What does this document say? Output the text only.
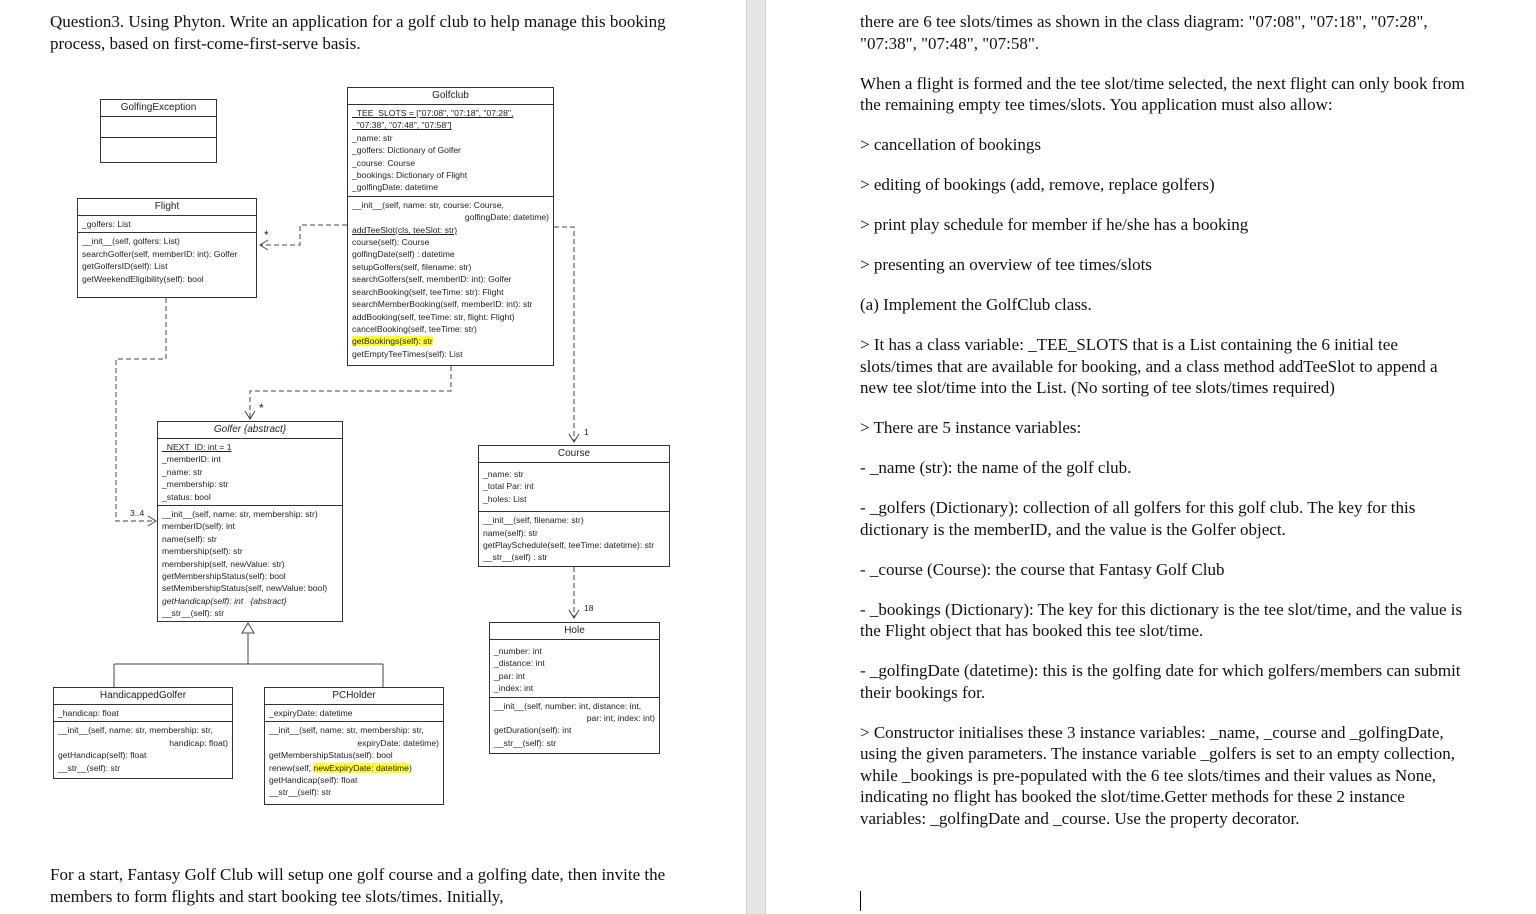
Question3. Using Phyton. Write an application for a golf club to help manage this booking process, based on first-come-first-serve basis.

*
*
3..4
1
18
GolfingException
Golfclub
_TEE_SLOTS = ["07:08", "07:18", "07:28",
"07:38", "07:48", "07:58"]
_name: str
_golfers: Dictionary of Golfer
_course: Course
_bookings: Dictionary of Flight
_golfingDate: datetime
__init__(self, name: str, course: Course,
golfingDate: datetime)
addTeeSlot(cls, teeSlot: str)
course(self): Course
golfingDate(self) : datetime
setupGolfers(self, filename: str)
searchGolfers(self, memberID: int): Golfer
searchBooking(self, teeTime: str): Flight
searchMemberBooking(self, memberID: int): str
addBooking(self, teeTime: str, flight: Flight)
cancelBooking(self, teeTime: str)
getBookings(self): str
getEmptyTeeTimes(self): List
Flight
_golfers: List
__init__(self, golfers: List)
searchGolfer(self, memberID: int): Golfer
getGolfersID(self): List
getWeekendEligibility(self): bool
Golfer {abstract}
_NEXT_ID: int = 1
_memberID: int
_name: str
_membership: str
_status: bool
__init__(self, name: str, membership: str)
memberID(self): int
name(self): str
membership(self): str
membership(self, newValue: str)
getMembershipStatus(self): bool
setMembershipStatus(self, newValue: bool)
getHandicap(self): int   {abstract}
__str__(self): str
Course
_name: str
_total Par: int
_holes: List
__init__(self, filename: str)
name(self): str
getPlaySchedule(self, teeTime: datetime): str
__str__(self) : str
Hole
_number: int
_distance: int
_par: int
_index: int
__init__(self, number: int, distance: int,
par: int, index: int)
getDuration(self): int
__str__(self): str
HandicappedGolfer
_handicap: float
__init__(self, name: str, membership: str,
handicap: float)
getHandicap(self): float
__str__(self): str
PCHolder
_expiryDate: datetime
__init__(self, name: str, membership: str,
expiryDate: datetime)
getMembershipStatus(self): bool
renew(self, newExpiryDate: datetime)
getHandicap(self): float
__str__(self): str

For a start, Fantasy Golf Club will setup one golf course and a golfing date, then invite the members to form flights and start booking tee slots/times. Initially,

there are 6 tee slots/times as shown in the class diagram: "07:08", "07:18", "07:28", "07:38", "07:48", "07:58".

When a flight is formed and the tee slot/time selected, the next flight can only book from the remaining empty tee times/slots. You application must also allow:

> cancellation of bookings

> editing of bookings (add, remove, replace golfers)

> print play schedule for member if he/she has a booking

> presenting an overview of tee times/slots

(a) Implement the GolfClub class.

> It has a class variable: _TEE_SLOTS that is a List containing the 6 initial tee slots/times that are available for booking, and a class method addTeeSlot to append a new tee slot/time into the List. (No sorting of tee slots/times required)

> There are 5 instance variables:

- _name (str): the name of the golf club.

- _golfers (Dictionary): collection of all golfers for this golf club. The key for this dictionary is the memberID, and the value is the Golfer object.

- _course (Course): the course that Fantasy Golf Club

- _bookings (Dictionary): The key for this dictionary is the tee slot/time, and the value is the Flight object that has booked this tee slot/time.

- _golfingDate (datetime): this is the golfing date for which golfers/members can submit their bookings for.

> Constructor initialises these 3 instance variables: _name, _course and _golfingDate, using the given parameters. The instance variable _golfers is set to an empty collection, while _bookings is pre-populated with the 6 tee slots/times and their values as None, indicating no flight has booked the slot/time.Getter methods for these 2 instance variables: _golfingDate and _course. Use the property decorator.
